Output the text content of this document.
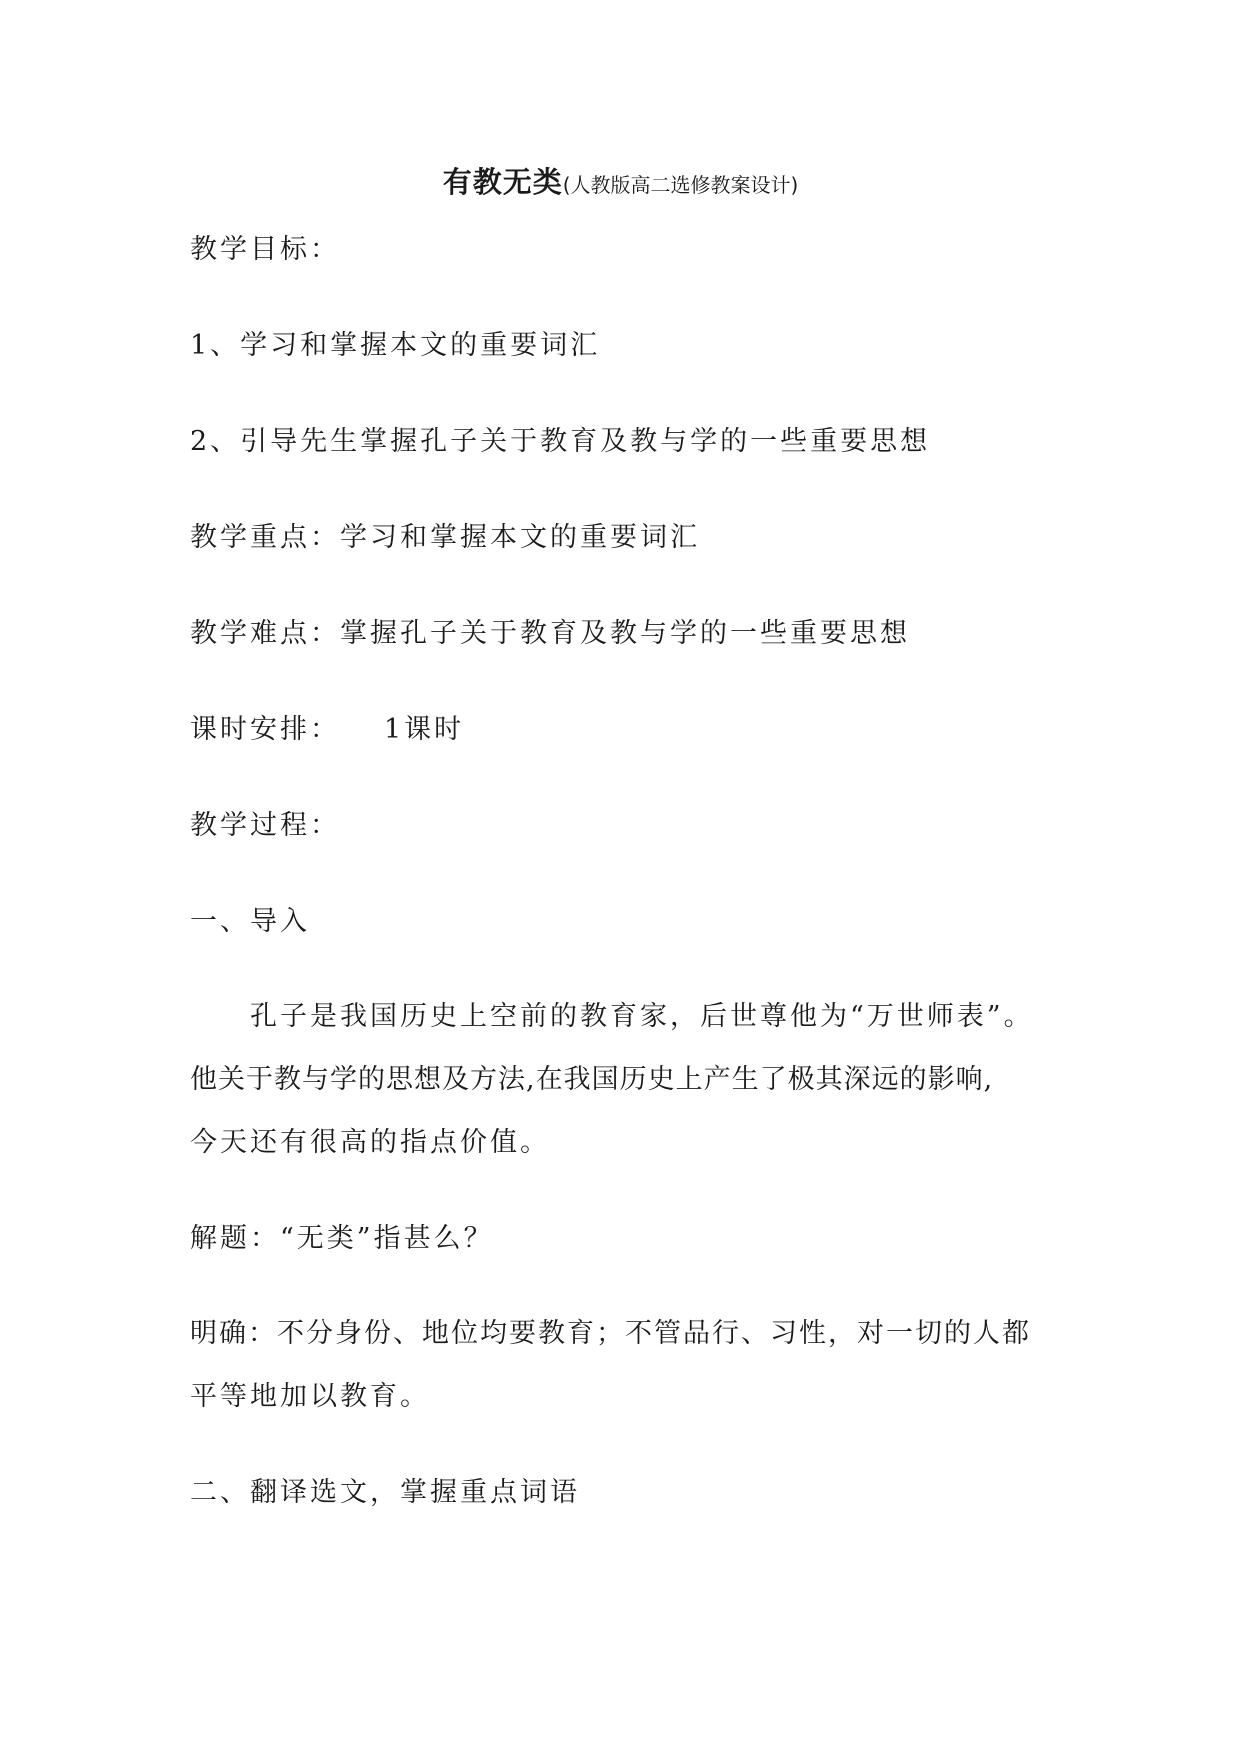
有教无类(人教版高二选修教案设计)
教学目标：
1、学习和掌握本文的重要词汇
2、引导先生掌握孔子关于教育及教与学的一些重要思想
教学重点：学习和掌握本文的重要词汇
教学难点：掌握孔子关于教育及教与学的一些重要思想
课时安排： 1课时
教学过程：
一、导入
孔子是我国历史上空前的教育家，后世尊他为“万世师表”。
他关于教与学的思想及方法,在我国历史上产生了极其深远的影响,
今天还有很高的指点价值。
解题：“无类”指甚么？
明确：不分身份、地位均要教育；不管品行、习性，对一切的人都
平等地加以教育。
二、翻译选文，掌握重点词语
